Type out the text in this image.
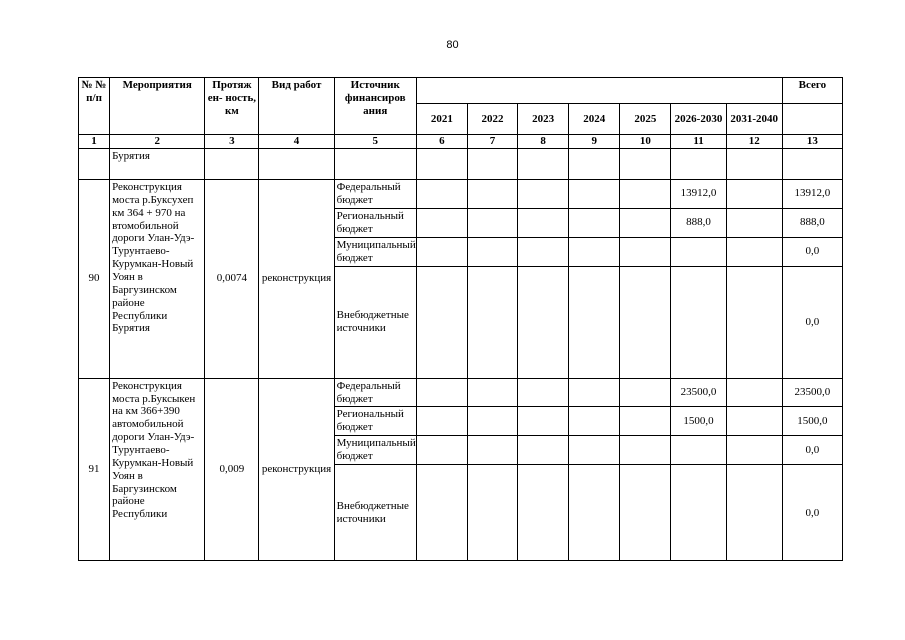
80
№ № п/п	Мероприятия	Протяж ен- ность, км	Вид работ	Источник финансиров ания								Всего
					2021	2022	2023	2024	2025	2026-2030	2031-2040	
1	2	3	4	5	6	7	8	9	10	11	12	13
	Бурятия											
90	Реконструкция моста р.Буксухеп км 364 + 970 на втомобильной дороги Улан-Удэ-Турунтаево-Курумкан-Новый Уоян в Баргузинском районе Республики Бурятия	0,0074	реконструкция	Федеральный бюджет						13912,0		13912,0
				Региональный бюджет						888,0		888,0
				Муниципальный бюджет								0,0
				Внебюджетные источники								0,0
91	Реконструкция моста р.Буксыкен на км 366+390 автомобильной дороги Улан-Удэ-Турунтаево-Курумкан-Новый Уоян в Баргузинском районе Республики	0,009	реконструкция	Федеральный бюджет						23500,0		23500,0
				Региональный бюджет						1500,0		1500,0
				Муниципальный бюджет								0,0
				Внебюджетные источники								0,0
